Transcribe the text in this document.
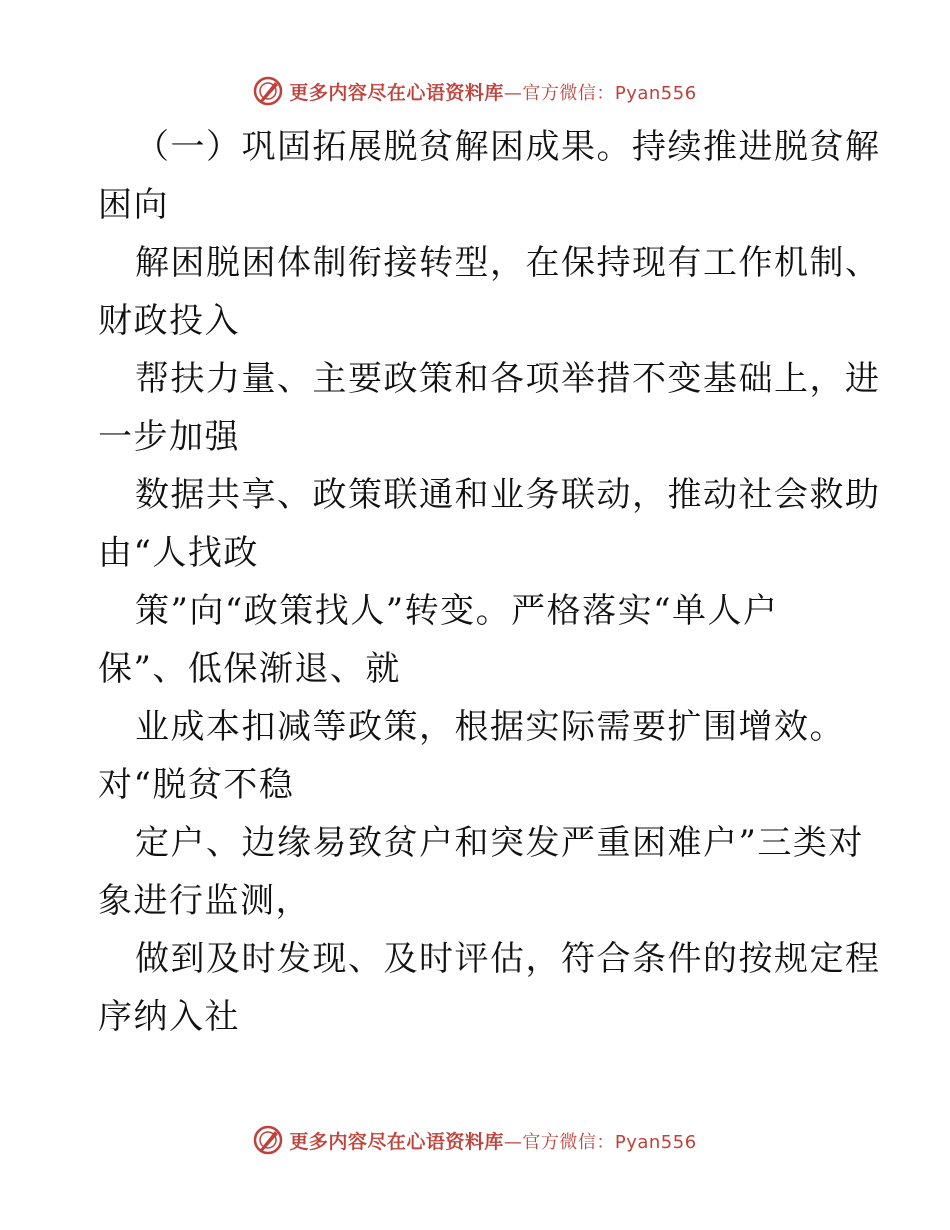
更多内容尽在心语资料库—官方微信：Pyan556
（一）巩固拓展脱贫解困成果。持续推进脱贫解
困向
解困脱困体制衔接转型，在保持现有工作机制、
财政投入
帮扶力量、主要政策和各项举措不变基础上，进
一步加强
数据共享、政策联通和业务联动，推动社会救助
由“人找政
策”向“政策找人”转变。严格落实“单人户
保”、低保渐退、就
业成本扣减等政策，根据实际需要扩围增效。
对“脱贫不稳
定户、边缘易致贫户和突发严重困难户”三类对
象进行监测，
做到及时发现、及时评估，符合条件的按规定程
序纳入社
更多内容尽在心语资料库—官方微信：Pyan556
